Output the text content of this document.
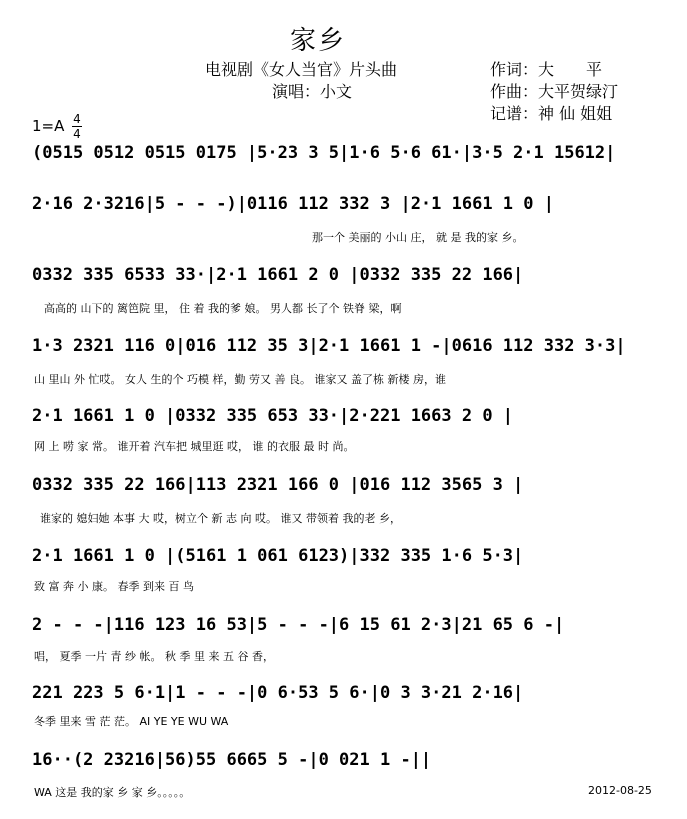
家乡
电视剧《女人当官》片头曲
演唱：小文
作词：大　　平
作曲：大平贺绿汀
记谱：神 仙 姐姐
1=A 4
4
(0515 0512 0515 0175 |5·23 3 5|1·6 5·6 61·|3·5 2·1 15612|
2·16 2·3216|5 - - -)|0116 112 332 3 |2·1 1661 1 0 |
那一个 美丽的 小山 庄， 就 是 我的家 乡。
0332 335 6533 33·|2·1 1661 2 0 |0332 335 22 166|
高高的 山下的 篱笆院 里， 住 着 我的爹 娘。 男人都 长了个 铁脊 梁，啊
1·3 2321 116 0|016 112 35 3|2·1 1661 1 -|0616 112 332 3·3|
山 里山 外 忙哎。 女人 生的个 巧模 样，勤 劳又 善 良。 谁家又 盖了栋 新楼 房，谁
2·1 1661 1 0 |0332 335 653 33·|2·221 1663 2 0 |
网 上 唠 家 常。 谁开着 汽车把 城里逛 哎， 谁 的衣服 最 时 尚。
0332 335 22 166|113 2321 166 0 |016 112 3565 3 |
谁家的 媳妇她 本事 大 哎，树立个 新 志 向 哎。 谁又 带领着 我的老 乡，
2·1 1661 1 0 |(5161 1 061 6123)|332 335 1·6 5·3|
致 富 奔 小 康。 春季 到来 百 鸟
2 - - -|116 123 16 53|5 - - -|6 15 61 2·3|21 65 6 -|
唱， 夏季 一片 青 纱 帐。 秋 季 里 来 五 谷 香，
221 223 5 6·1|1 - - -|0 6·53 5 6·|0 3 3·21 2·16|
冬季 里来 雪 茫 茫。 AI YE YE WU WA
16··(2 23216|56)55 6665 5 -|0 021 1 -||
WA 这是 我的家 乡 家 乡。。。。。	2012-08-25
